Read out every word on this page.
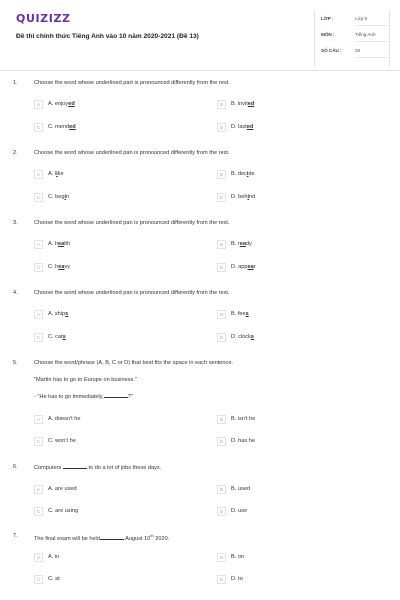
QUIZIZZ
Đề thi chính thức Tiếng Anh vào 10 năm 2020-2021 (Đề 13)
LỚP :	Lớp 9
MÔN :	Tiếng Anh
SỐ CÂU :	28
1.	Choose the word whose underlined part is pronounced differently from the rest.
A	A. enjoyed	B	B. invited
C	C. mended	D	D. lasted
2.	Choose the word whose underlined pan is pronounced differently from the rest.
A	A. like	B	B. decide
C	C. begin	D	D. behind
3.	Choose the word whose underlined pan is pronounced differently from the rest.
A	A. health	B	B. ready
C	C. heavy	D	D. appear
4.	Choose the word whose underlined pan is pronounced differently from the rest.
A	A. ships	B	B. fees
C	C. cats	D	D. clocks
5.	Choose the word/phrase (A, B, C or D) that best fits the space in each sentence.
"Martin has to go to Europe on business."
- "He has to go immediately,	?"
A	A. doesn't he	B	B. isn't he
C	C. won't he	D	D. has he
6.	Computers	to do a lot of jobs these days.
A	A. are used	B	B. used
C	C. are using	D	D. use
7.	The final exam will be held	August 10th 2020.
A	A. in	B	B. on
C	C. at	D	D. to
